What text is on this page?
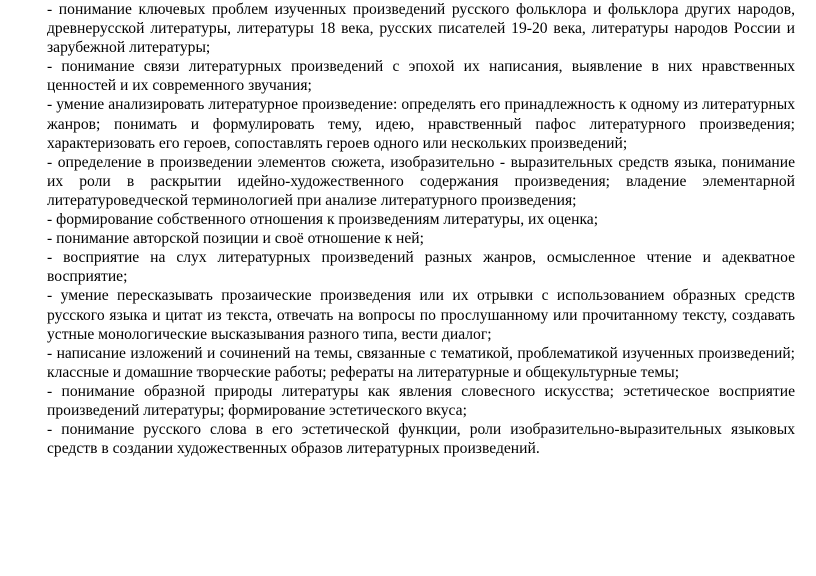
- понимание ключевых проблем изученных произведений русского фольклора и фольклора других народов, древнерусской литературы, литературы 18 века, русских писателей 19-20 века, литературы народов России и зарубежной литературы;

- понимание связи литературных произведений с эпохой их написания, выявление в них нравственных ценностей и их современного звучания;

- умение анализировать литературное произведение: определять его принадлежность к одному из литературных жанров; понимать и формулировать тему, идею, нравственный пафос литературного произведения; характеризовать его героев, сопоставлять героев одного или нескольких произведений;

- определение в произведении элементов сюжета, изобразительно - выразительных средств языка, понимание их роли в раскрытии идейно-художественного содержания произведения; владение элементарной литературоведческой терминологией при анализе литературного произведения;

- формирование собственного отношения к произведениям литературы, их оценка;

- понимание авторской позиции и своё отношение к ней;

- восприятие на слух литературных произведений разных жанров, осмысленное чтение и адекватное восприятие;

- умение пересказывать прозаические произведения или их отрывки с использованием образных средств русского языка и цитат из текста, отвечать на вопросы по прослушанному или прочитанному тексту, создавать устные монологические высказывания разного типа, вести диалог;

- написание изложений и сочинений на темы, связанные с тематикой, проблематикой изученных произведений; классные и домашние творческие работы; рефераты на литературные и общекультурные темы;

- понимание образной природы литературы как явления словесного искусства; эстетическое восприятие произведений литературы; формирование эстетического вкуса;

- понимание русского слова в его эстетической функции, роли изобразительно-выразительных языковых средств в создании художественных образов литературных произведений.
